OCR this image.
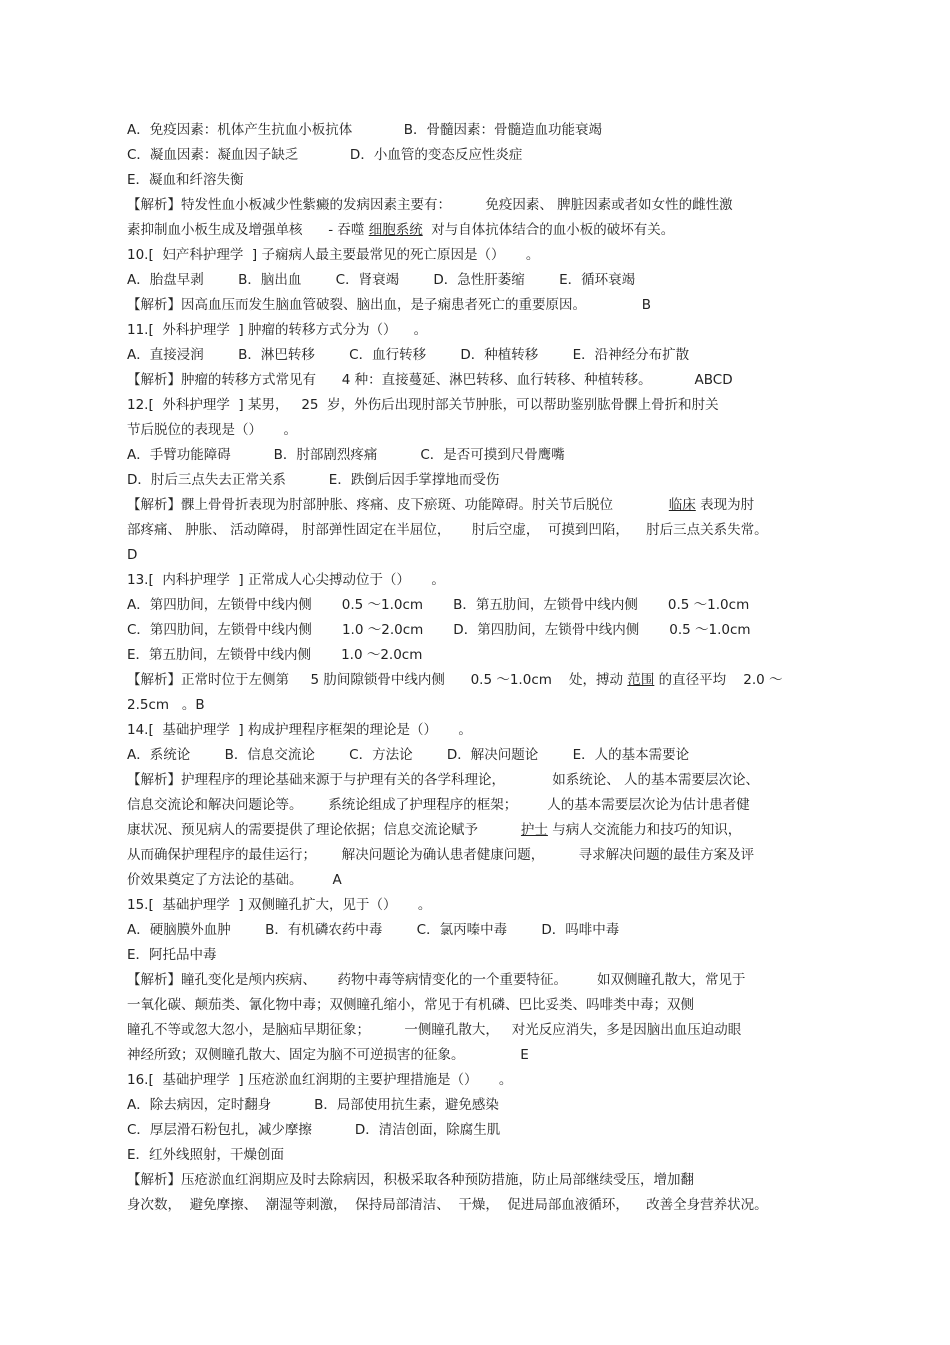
A．免疫因素：机体产生抗血小板抗体            B．骨髓因素：骨髓造血功能衰竭
C．凝血因素：凝血因子缺乏            D．小血管的变态反应性炎症
E．凝血和纤溶失衡
【解析】特发性血小板减少性紫癜的发病因素主要有：        免疫因素、 脾脏因素或者如女性的雌性激
素抑制血小板生成及增强单核      - 吞噬 细胞系统  对与自体抗体结合的血小板的破坏有关。
10.[  妇产科护理学  ] 子痫病人最主要最常见的死亡原因是（）     。
A．胎盘早剥        B．脑出血        C．肾衰竭        D．急性肝萎缩        E．循环衰竭
【解析】因高血压而发生脑血管破裂、脑出血，是子痫患者死亡的重要原因。             B
11.[  外科护理学  ] 肿瘤的转移方式分为（）    。
A．直接浸润        B．淋巴转移        C．血行转移        D．种植转移        E．沿神经分布扩散
【解析】肿瘤的转移方式常见有      4 种：直接蔓延、淋巴转移、血行转移、种植转移。          ABCD
12.[  外科护理学  ] 某男，   25  岁，外伤后出现肘部关节肿胀，可以帮助鉴别肱骨髁上骨折和肘关
节后脱位的表现是（）     。
A．手臂功能障碍          B．肘部剧烈疼痛          C．是否可摸到尺骨鹰嘴
D．肘后三点失去正常关系          E．跌倒后因手掌撑地而受伤
【解析】髁上骨骨折表现为肘部肿胀、疼痛、皮下瘀斑、功能障碍。肘关节后脱位             临床 表现为肘
部疼痛、 肿胀、 活动障碍， 肘部弹性固定在半屈位，     肘后空虚，  可摸到凹陷，    肘后三点关系失常。
D
13.[  内科护理学  ] 正常成人心尖搏动位于（）     。
A．第四肋间，左锁骨中线内侧       0.5 ～1.0cm       B．第五肋间，左锁骨中线内侧       0.5 ～1.0cm
C．第四肋间，左锁骨中线内侧       1.0 ～2.0cm       D．第四肋间，左锁骨中线内侧       0.5 ～1.0cm
E．第五肋间，左锁骨中线内侧       1.0 ～2.0cm
【解析】正常时位于左侧第     5 肋间隙锁骨中线内侧      0.5 ～1.0cm    处，搏动 范围 的直径平均    2.0 ～
2.5cm   。B
14.[  基础护理学  ] 构成护理程序框架的理论是（）     。
A．系统论        B．信息交流论        C．方法论        D．解决问题论        E．人的基本需要论
【解析】护理程序的理论基础来源于与护理有关的各学科理论，           如系统论、 人的基本需要层次论、
信息交流论和解决问题论等。      系统论组成了护理程序的框架；       人的基本需要层次论为估计患者健
康状况、预见病人的需要提供了理论依据；信息交流论赋予          护士 与病人交流能力和技巧的知识，
从而确保护理程序的最佳运行；      解决问题论为确认患者健康问题，        寻求解决问题的最佳方案及评
价效果奠定了方法论的基础。       A
15.[  基础护理学  ] 双侧瞳孔扩大，见于（）     。
A．硬脑膜外血肿        B．有机磷农药中毒        C．氯丙嗪中毒        D．吗啡中毒
E．阿托品中毒
【解析】瞳孔变化是颅内疾病、     药物中毒等病情变化的一个重要特征。       如双侧瞳孔散大，常见于
一氧化碳、颠茄类、氰化物中毒；双侧瞳孔缩小，常见于有机磷、巴比妥类、吗啡类中毒；双侧
瞳孔不等或忽大忽小，是脑疝早期征象；        一侧瞳孔散大，   对光反应消失，多是因脑出血压迫动眼
神经所致；双侧瞳孔散大、固定为脑不可逆损害的征象。             E
16.[  基础护理学  ] 压疮淤血红润期的主要护理措施是（）     。
A．除去病因，定时翻身          B．局部使用抗生素，避免感染
C．厚层滑石粉包扎，减少摩擦          D．清洁创面，除腐生肌
E．红外线照射，干燥创面
【解析】压疮淤血红润期应及时去除病因，积极采取各种预防措施，防止局部继续受压，增加翻
身次数，  避免摩擦、  潮湿等刺激，  保持局部清洁、  干燥，  促进局部血液循环，    改善全身营养状况。
